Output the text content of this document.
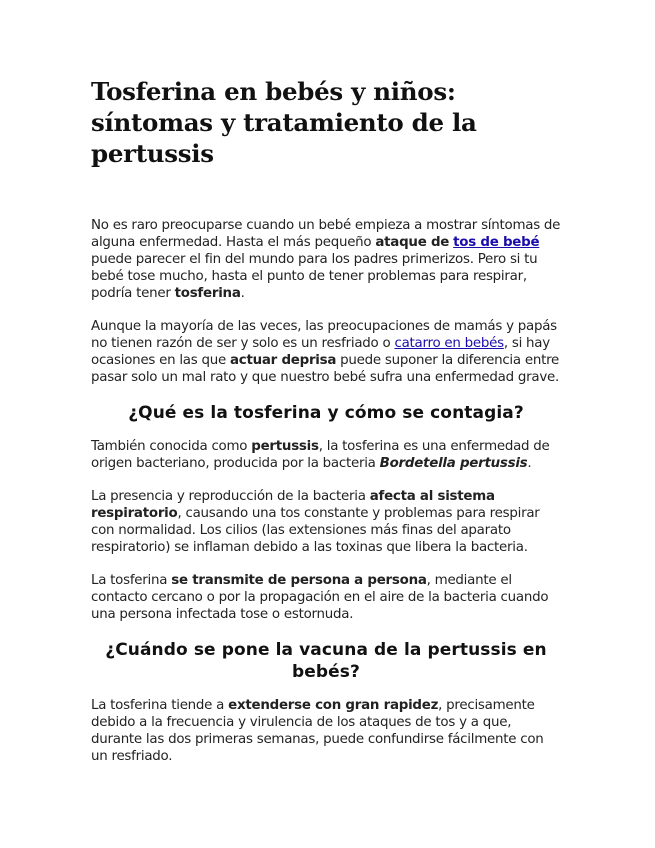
Tosferina en bebés y niños: síntomas y tratamiento de la pertussis

No es raro preocuparse cuando un bebé empieza a mostrar síntomas de alguna enfermedad. Hasta el más pequeño ataque de tos de bebé puede parecer el fin del mundo para los padres primerizos. Pero si tu bebé tose mucho, hasta el punto de tener problemas para respirar, podría tener tosferina.

Aunque la mayoría de las veces, las preocupaciones de mamás y papás no tienen razón de ser y solo es un resfriado o catarro en bebés, si hay ocasiones en las que actuar deprisa puede suponer la diferencia entre pasar solo un mal rato y que nuestro bebé sufra una enfermedad grave.

¿Qué es la tosferina y cómo se contagia?

También conocida como pertussis, la tosferina es una enfermedad de origen bacteriano, producida por la bacteria Bordetella pertussis.

La presencia y reproducción de la bacteria afecta al sistema respiratorio, causando una tos constante y problemas para respirar con normalidad. Los cilios (las extensiones más finas del aparato respiratorio) se inflaman debido a las toxinas que libera la bacteria.

La tosferina se transmite de persona a persona, mediante el contacto cercano o por la propagación en el aire de la bacteria cuando una persona infectada tose o estornuda.

¿Cuándo se pone la vacuna de la pertussis en bebés?

La tosferina tiende a extenderse con gran rapidez, precisamente debido a la frecuencia y virulencia de los ataques de tos y a que, durante las dos primeras semanas, puede confundirse fácilmente con un resfriado.
